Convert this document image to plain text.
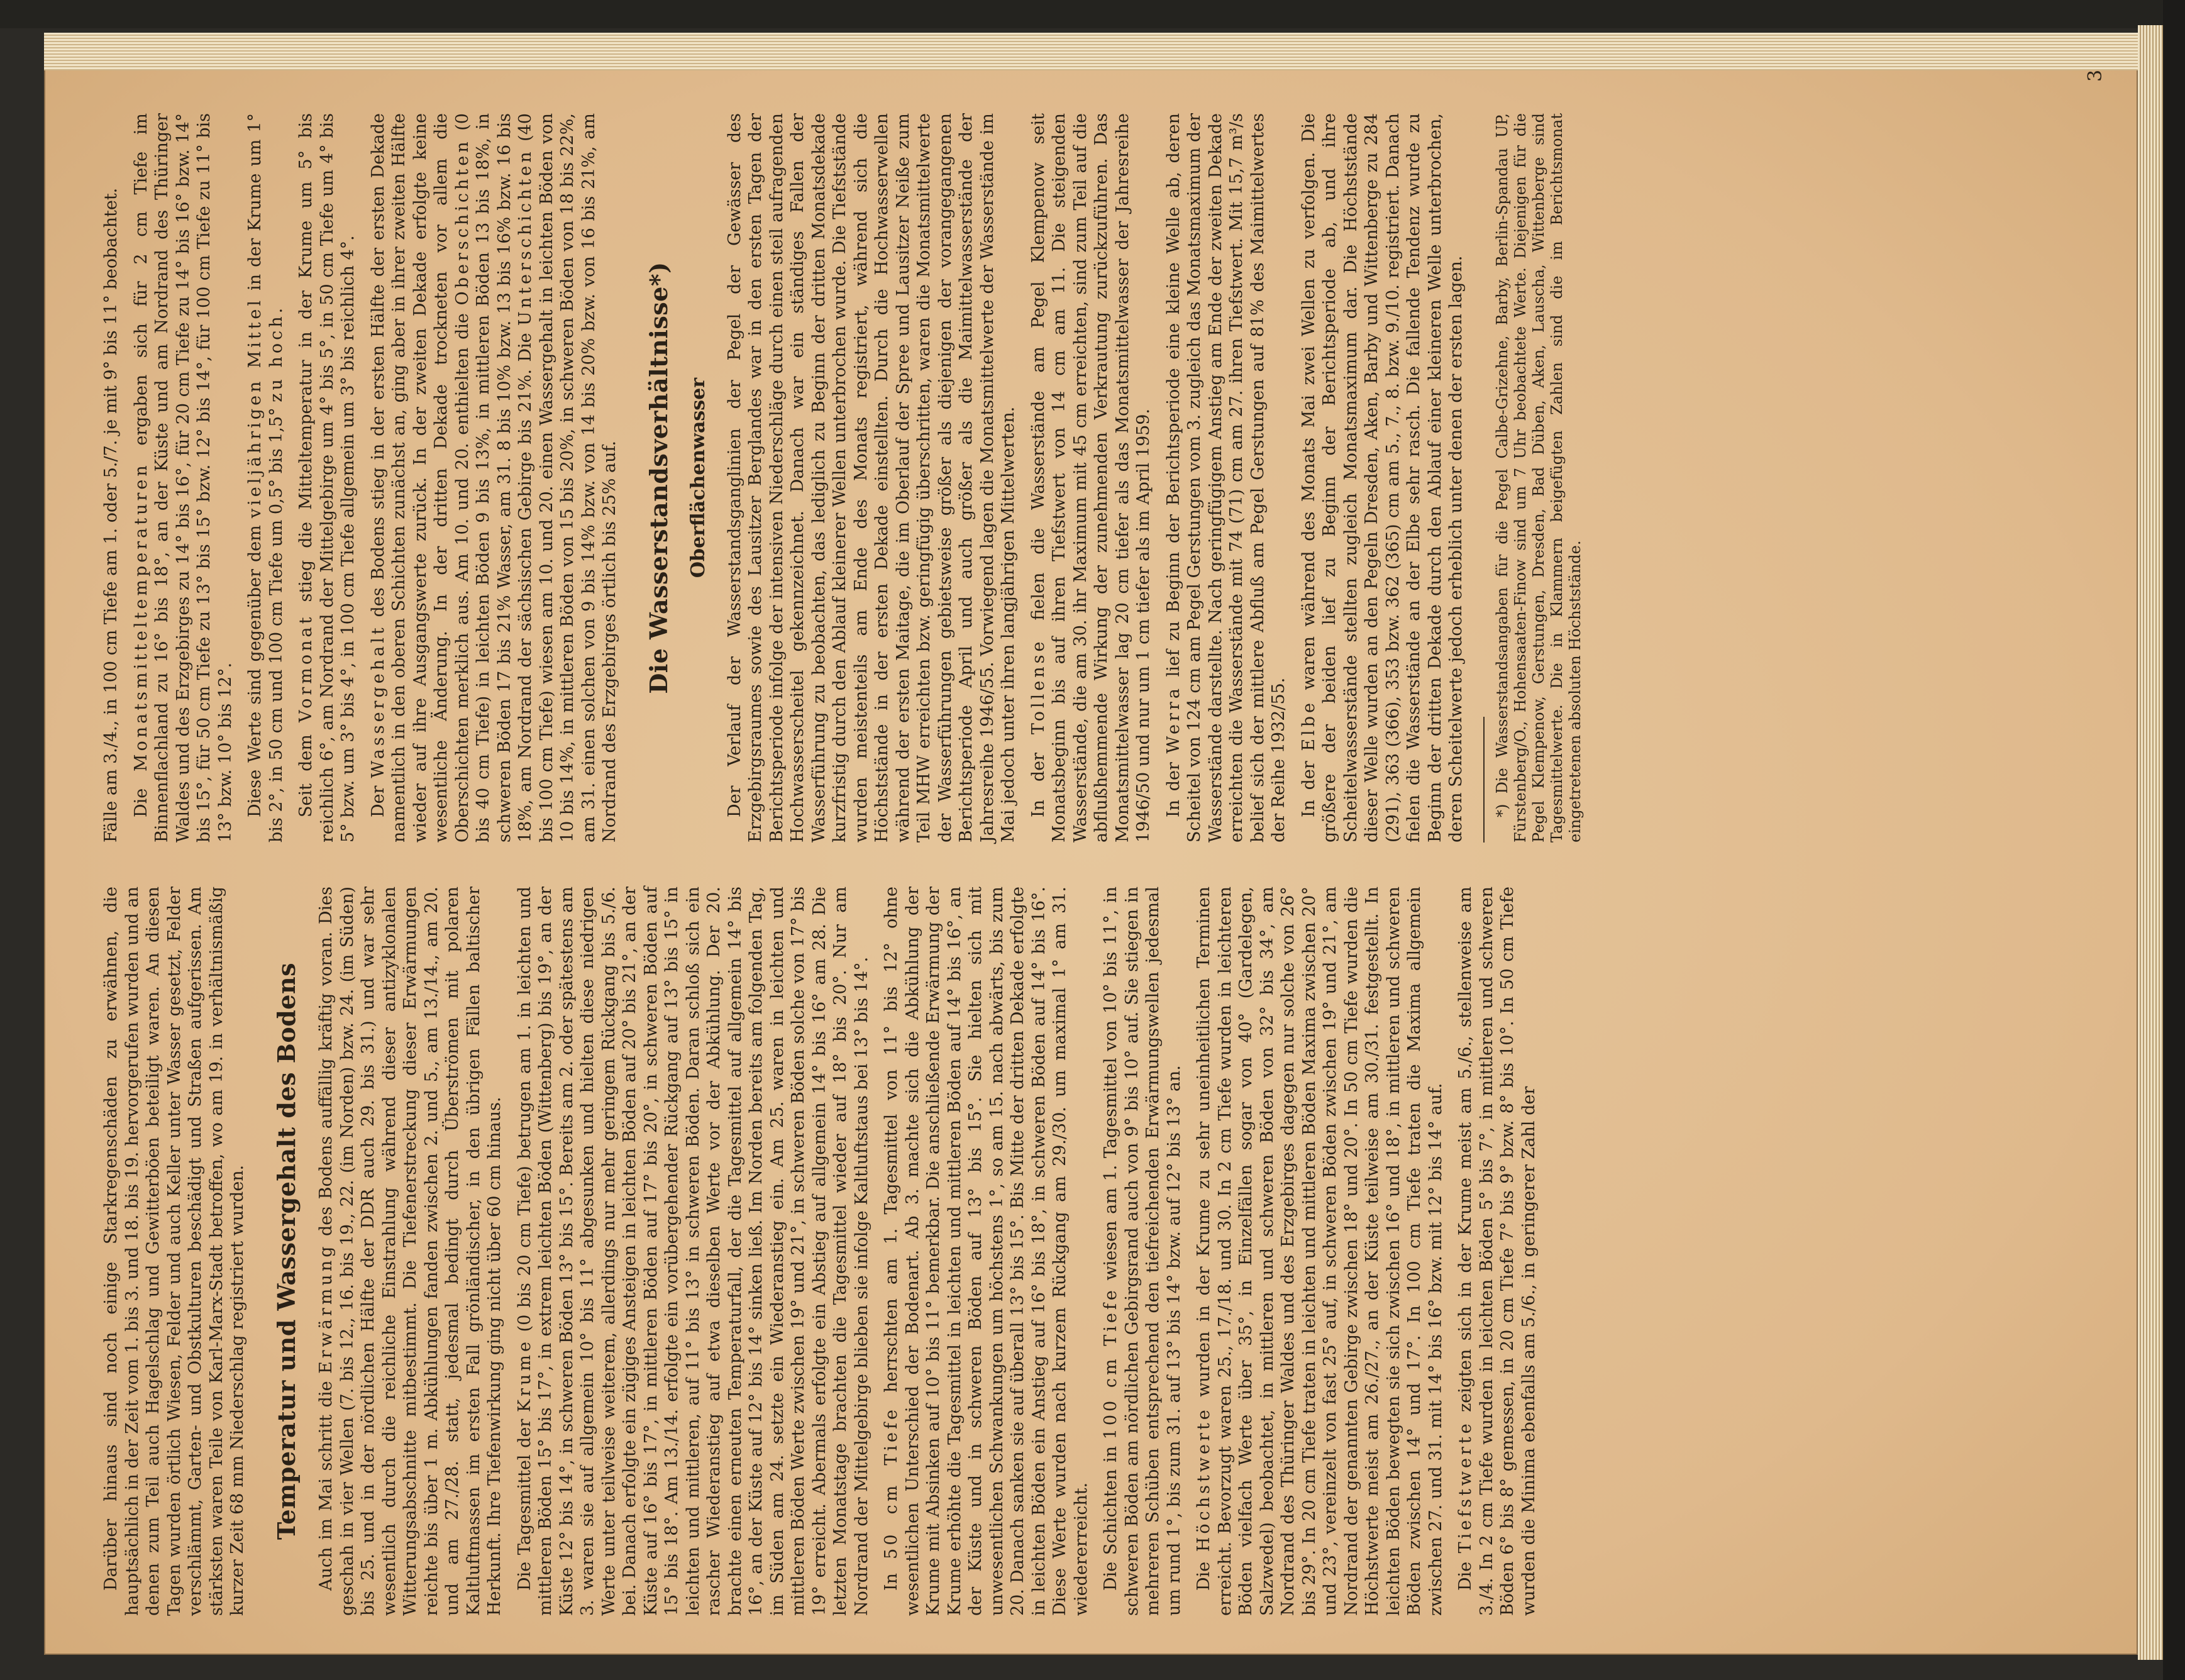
Darüber hinaus sind noch einige Starkregenschäden zu erwähnen, die hauptsächlich in der Zeit vom 1. bis 3. und 18. bis 19. hervorgerufen wurden und an denen zum Teil auch Hagelschlag und Gewitterböen beteiligt waren. An diesen Tagen wurden örtlich Wiesen, Felder und auch Keller unter Wasser gesetzt, Felder verschlämmt, Garten- und Obstkulturen beschädigt und Straßen aufgerissen. Am stärksten waren Teile von Karl-Marx-Stadt betroffen, wo am 19. in verhältnismäßig kurzer Zeit 68 mm Niederschlag registriert wurden. Temperatur und Wassergehalt des Bodens Auch im Mai schritt die Erwärmung des Bodens auffällig kräftig voran. Dies geschah in vier Wellen (7. bis 12., 16. bis 19., 22. (im Norden) bzw. 24. (im Süden) bis 25. und in der nördlichen Hälfte der DDR auch 29. bis 31.) und war sehr wesentlich durch die reichliche Einstrahlung während dieser antizyklonalen Witterungsabschnitte mitbestimmt. Die Tiefenerstreckung dieser Erwärmungen reichte bis über 1 m. Abkühlungen fanden zwischen 2. und 5., am 13./14., am 20. und am 27./28. statt, jedesmal bedingt durch Überströmen mit polaren Kaltluftmassen im ersten Fall grönländischer, in den übrigen Fällen baltischer Herkunft. Ihre Tiefenwirkung ging nicht über 60 cm hinaus. Die Tagesmittel der Krume (0 bis 20 cm Tiefe) betrugen am 1. in leichten und mittleren Böden 15° bis 17°, in extrem leichten Böden (Wittenberg) bis 19°, an der Küste 12° bis 14°, in schweren Böden 13° bis 15°. Bereits am 2. oder spätestens am 3. waren sie auf allgemein 10° bis 11° abgesunken und hielten diese niedrigen Werte unter teilweise weiterem, allerdings nur mehr geringem Rückgang bis 5./6. bei. Danach erfolgte ein zügiges Ansteigen in leichten Böden auf 20° bis 21°, an der Küste auf 16° bis 17°, in mittleren Böden auf 17° bis 20°, in schweren Böden auf 15° bis 18°. Am 13./14. erfolgte ein vorübergehender Rückgang auf 13° bis 15° in leichten und mittleren, auf 11° bis 13° in schweren Böden. Daran schloß sich ein rascher Wiederanstieg auf etwa dieselben Werte vor der Abkühlung. Der 20. brachte einen erneuten Temperaturfall, der die Tagesmittel auf allgemein 14° bis 16°, an der Küste auf 12° bis 14° sinken ließ. Im Norden bereits am folgenden Tag, im Süden am 24. setzte ein Wiederanstieg ein. Am 25. waren in leichten und mittleren Böden Werte zwischen 19° und 21°, in schweren Böden solche von 17° bis 19° erreicht. Abermals erfolgte ein Abstieg auf allgemein 14° bis 16° am 28. Die letzten Monatstage brachten die Tagesmittel wieder auf 18° bis 20°. Nur am Nordrand der Mittelgebirge blieben sie infolge Kaltluftstaus bei 13° bis 14°. In 50 cm Tiefe herrschten am 1. Tagesmittel von 11° bis 12° ohne wesentlichen Unterschied der Bodenart. Ab 3. machte sich die Abkühlung der Krume mit Absinken auf 10° bis 11° bemerkbar. Die anschließende Erwärmung der Krume erhöhte die Tagesmittel in leichten und mittleren Böden auf 14° bis 16°, an der Küste und in schweren Böden auf 13° bis 15°. Sie hielten sich mit unwesentlichen Schwankungen um höchstens 1°, so am 15. nach abwärts, bis zum 20. Danach sanken sie auf überall 13° bis 15°. Bis Mitte der dritten Dekade erfolgte in leichten Böden ein Anstieg auf 16° bis 18°, in schweren Böden auf 14° bis 16°. Diese Werte wurden nach kurzem Rückgang am 29./30. um maximal 1° am 31. wiedererreicht. Die Schichten in 100 cm Tiefe wiesen am 1. Tagesmittel von 10° bis 11°, in schweren Böden am nördlichen Gebirgsrand auch von 9° bis 10° auf. Sie stiegen in mehreren Schüben entsprechend den tiefreichenden Erwärmungswellen jedesmal um rund 1°, bis zum 31. auf 13° bis 14° bzw. auf 12° bis 13° an. Die Höchstwerte wurden in der Krume zu sehr uneinheitlichen Terminen erreicht. Bevorzugt waren 25., 17./18. und 30. In 2 cm Tiefe wurden in leichteren Böden vielfach Werte über 35°, in Einzelfällen sogar von 40° (Gardelegen, Salzwedel) beobachtet, in mittleren und schweren Böden von 32° bis 34°, am Nordrand des Thüringer Waldes und des Erzgebirges dagegen nur solche von 26° bis 29°. In 20 cm Tiefe traten in leichten und mittleren Böden Maxima zwischen 20° und 23°, vereinzelt von fast 25° auf, in schweren Böden zwischen 19° und 21°, am Nordrand der genannten Gebirge zwischen 18° und 20°. In 50 cm Tiefe wurden die Höchstwerte meist am 26./27., an der Küste teilweise am 30./31. festgestellt. In leichten Böden bewegten sie sich zwischen 16° und 18°, in mittleren und schweren Böden zwischen 14° und 17°. In 100 cm Tiefe traten die Maxima allgemein zwischen 27. und 31. mit 14° bis 16° bzw. mit 12° bis 14° auf. Die Tiefstwerte zeigten sich in der Krume meist am 5./6., stellenweise am 3./4. In 2 cm Tiefe wurden in leichten Böden 5° bis 7°, in mittleren und schweren Böden 6° bis 8° gemessen, in 20 cm Tiefe 7° bis 9° bzw. 8° bis 10°. In 50 cm Tiefe wurden die Minima ebenfalls am 5./6., in geringerer Zahl der

Fälle am 3./4., in 100 cm Tiefe am 1. oder 5./7. je mit 9° bis 11° beobachtet. Die Monatsmitteltemperaturen ergaben sich für 2 cm Tiefe im Binnenflachland zu 16° bis 18°, an der Küste und am Nordrand des Thüringer Waldes und des Erzgebirges zu 14° bis 16°, für 20 cm Tiefe zu 14° bis 16° bzw. 14° bis 15°, für 50 cm Tiefe zu 13° bis 15° bzw. 12° bis 14°, für 100 cm Tiefe zu 11° bis 13° bzw. 10° bis 12°. Diese Werte sind gegenüber dem vieljährigen Mittel in der Krume um 1° bis 2°, in 50 cm und 100 cm Tiefe um 0,5° bis 1,5° zu hoch.

Seit dem Vormonat stieg die Mitteltemperatur in der Krume um 5° bis reichlich 6°, am Nordrand der Mittelgebirge um 4° bis 5°, in 50 cm Tiefe um 4° bis 5° bzw. um 3° bis 4°, in 100 cm Tiefe allgemein um 3° bis reichlich 4°. Der Wassergehalt des Bodens stieg in der ersten Hälfte der ersten Dekade namentlich in den oberen Schichten zunächst an, ging aber in ihrer zweiten Hälfte wieder auf ihre Ausgangswerte zurück. In der zweiten Dekade erfolgte keine wesentliche Änderung. In der dritten Dekade trockneten vor allem die Oberschichten merklich aus. Am 10. und 20. enthielten die Oberschichten (0 bis 40 cm Tiefe) in leichten Böden 9 bis 13%, in mittleren Böden 13 bis 18%, in schweren Böden 17 bis 21% Wasser, am 31. 8 bis 10% bzw. 13 bis 16% bzw. 16 bis 18%, am Nordrand der sächsischen Gebirge bis 21%. Die Unterschichten (40 bis 100 cm Tiefe) wiesen am 10. und 20. einen Wassergehalt in leichten Böden von 10 bis 14%, in mittleren Böden von 15 bis 20%, in schweren Böden von 18 bis 22%, am 31. einen solchen von 9 bis 14% bzw. von 14 bis 20% bzw. von 16 bis 21%, am Nordrand des Erzgebirges örtlich bis 25% auf. Die Wasserstandsverhältnisse*) Oberflächenwasser Der Verlauf der Wasserstandsganglinien der Pegel der Gewässer des Erzgebirgsraumes sowie des Lausitzer Berglandes war in den ersten Tagen der Berichtsperiode infolge der intensiven Niederschläge durch einen steil aufragenden Hochwasserscheitel gekennzeichnet. Danach war ein ständiges Fallen der Wasserführung zu beobachten, das lediglich zu Beginn der dritten Monatsdekade kurzfristig durch den Ablauf kleinerer Wellen unterbrochen wurde. Die Tiefststände wurden meistenteils am Ende des Monats registriert, während sich die Höchststände in der ersten Dekade einstellten. Durch die Hochwasserwellen während der ersten Maitage, die im Oberlauf der Spree und Lausitzer Neiße zum Teil MHW erreichten bzw. geringfügig überschritten, waren die Monatsmittelwerte der Wasserführungen gebietsweise größer als diejenigen der vorangegangenen Berichtsperiode April und auch größer als die Maimittelwasserstände der Jahresreihe 1946/55. Vorwiegend lagen die Monatsmittelwerte der Wasserstände im Mai jedoch unter ihren langjährigen Mittelwerten. In der Tollense fielen die Wasserstände am Pegel Klempenow seit Monatsbeginn bis auf ihren Tiefstwert von 14 cm am 11. Die steigenden Wasserstände, die am 30. ihr Maximum mit 45 cm erreichten, sind zum Teil auf die abflußhemmende Wirkung der zunehmenden Verkrautung zurückzuführen. Das Monatsmittelwasser lag 20 cm tiefer als das Monatsmittelwasser der Jahresreihe 1946/50 und nur um 1 cm tiefer als im April 1959. In der Werra lief zu Beginn der Berichtsperiode eine kleine Welle ab, deren Scheitel von 124 cm am Pegel Gerstungen vom 3. zugleich das Monatsmaximum der Wasserstände darstellte. Nach geringfügigem Anstieg am Ende der zweiten Dekade erreichten die Wasserstände mit 74 (71) cm am 27. ihren Tiefstwert. Mit 15,7 m³/s belief sich der mittlere Abfluß am Pegel Gerstungen auf 81% des Maimittelwertes der Reihe 1932/55. In der Elbe waren während des Monats Mai zwei Wellen zu verfolgen. Die größere der beiden lief zu Beginn der Berichtsperiode ab, und ihre Scheitelwasserstände stellten zugleich Monatsmaximum dar. Die Höchststände dieser Welle wurden an den Pegeln Dresden, Aken, Barby und Wittenberge zu 284 (291), 363 (366), 353 bzw. 362 (365) cm am 5., 7., 8. bzw. 9./10. registriert. Danach fielen die Wasserstände an der Elbe sehr rasch. Die fallende Tendenz wurde zu Beginn der dritten Dekade durch den Ablauf einer kleineren Welle unterbrochen, deren Scheitelwerte jedoch erheblich unter denen der ersten lagen. *) Die Wasserstandsangaben für die Pegel Calbe-Grizehne, Barby, Berlin-Spandau UP, Fürstenberg/O., Hohensaaten-Finow sind um 7 Uhr beobachtete Werte. Diejenigen für die Pegel Klempenow, Gerstungen, Dresden, Bad Düben, Aken, Lauscha, Wittenberge sind Tagesmittelwerte. Die in Klammern beigefügten Zahlen sind die im Berichtsmonat eingetretenen absoluten Höchststände.

3
